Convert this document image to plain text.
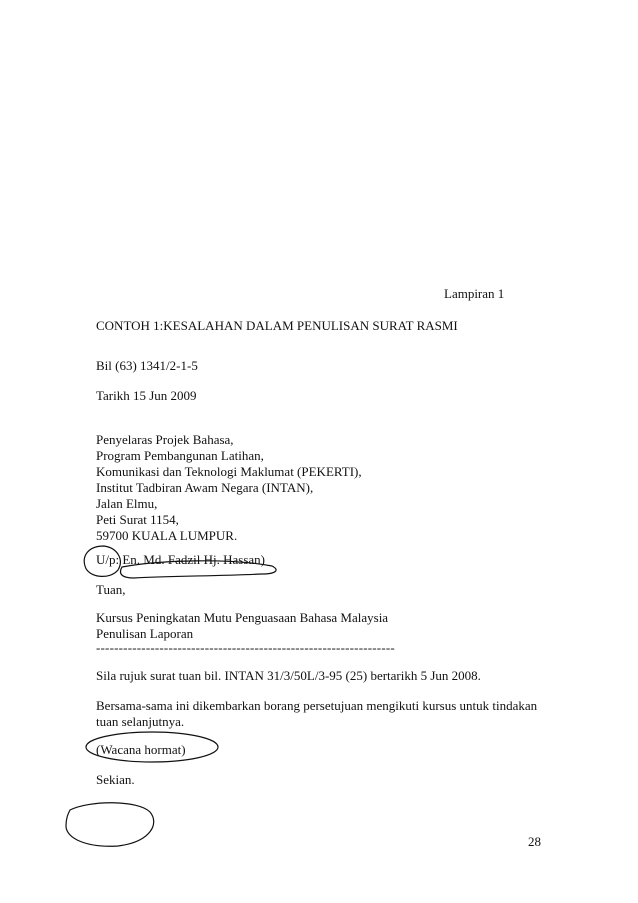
Lampiran 1
CONTOH 1:KESALAHAN DALAM PENULISAN SURAT RASMI
Bil (63) 1341/2-1-5
Tarikh 15 Jun 2009
Penyelaras Projek Bahasa,
Program Pembangunan Latihan,
Komunikasi dan Teknologi Maklumat (PEKERTI),
Institut Tadbiran Awam Negara (INTAN),
Jalan Elmu,
Peti Surat 1154,
59700 KUALA LUMPUR.
U/p: En. Md. Fadzil Hj. Hassan)
Tuan,
Kursus Peningkatan Mutu Penguasaan Bahasa Malaysia
Penulisan Laporan
------------------------------------------------------------------
Sila rujuk surat tuan bil. INTAN 31/3/50L/3-95 (25) bertarikh 5 Jun 2008.
Bersama-sama ini dikembarkan borang persetujuan mengikuti kursus untuk tindakan
tuan selanjutnya.
(Wacana hormat)
Sekian.
28
